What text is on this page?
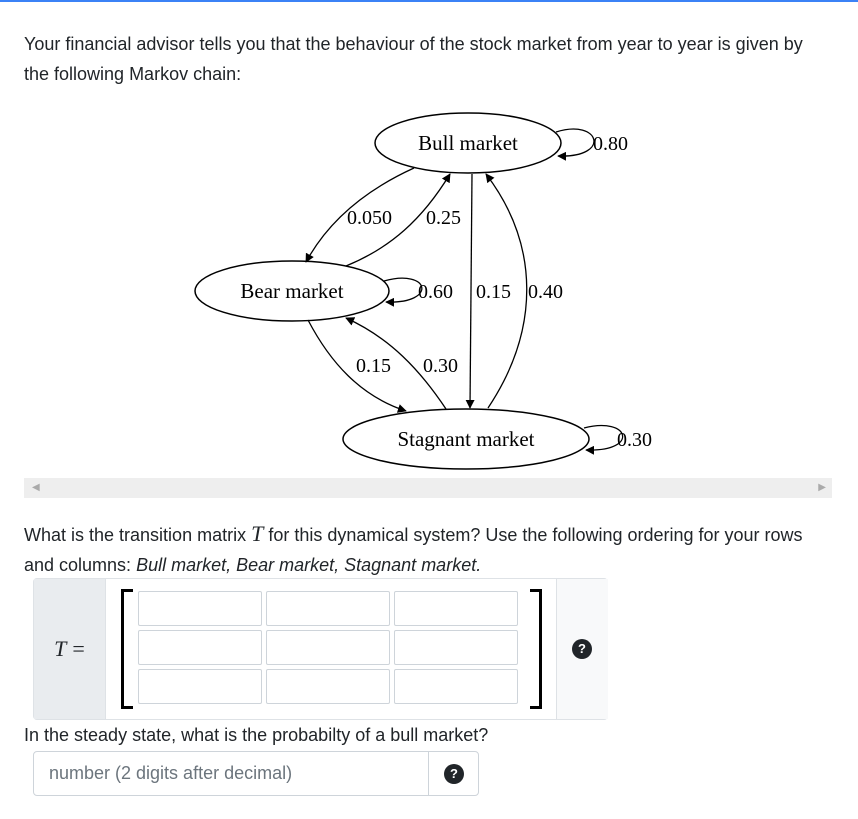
Your financial advisor tells you that the behaviour of the stock market from year to year is given by the following Markov chain:
Bull market
Bear market
Stagnant market
0.80
0.050 0.25
0.60 0.15 0.40
0.15 0.30
0.30
◀	▶
What is the transition matrix T for this dynamical system? Use the following ordering for your rows and columns: Bull market, Bear market, Stagnant market.
T =	?
In the steady state, what is the probabilty of a bull market?
number (2 digits after decimal)
?
